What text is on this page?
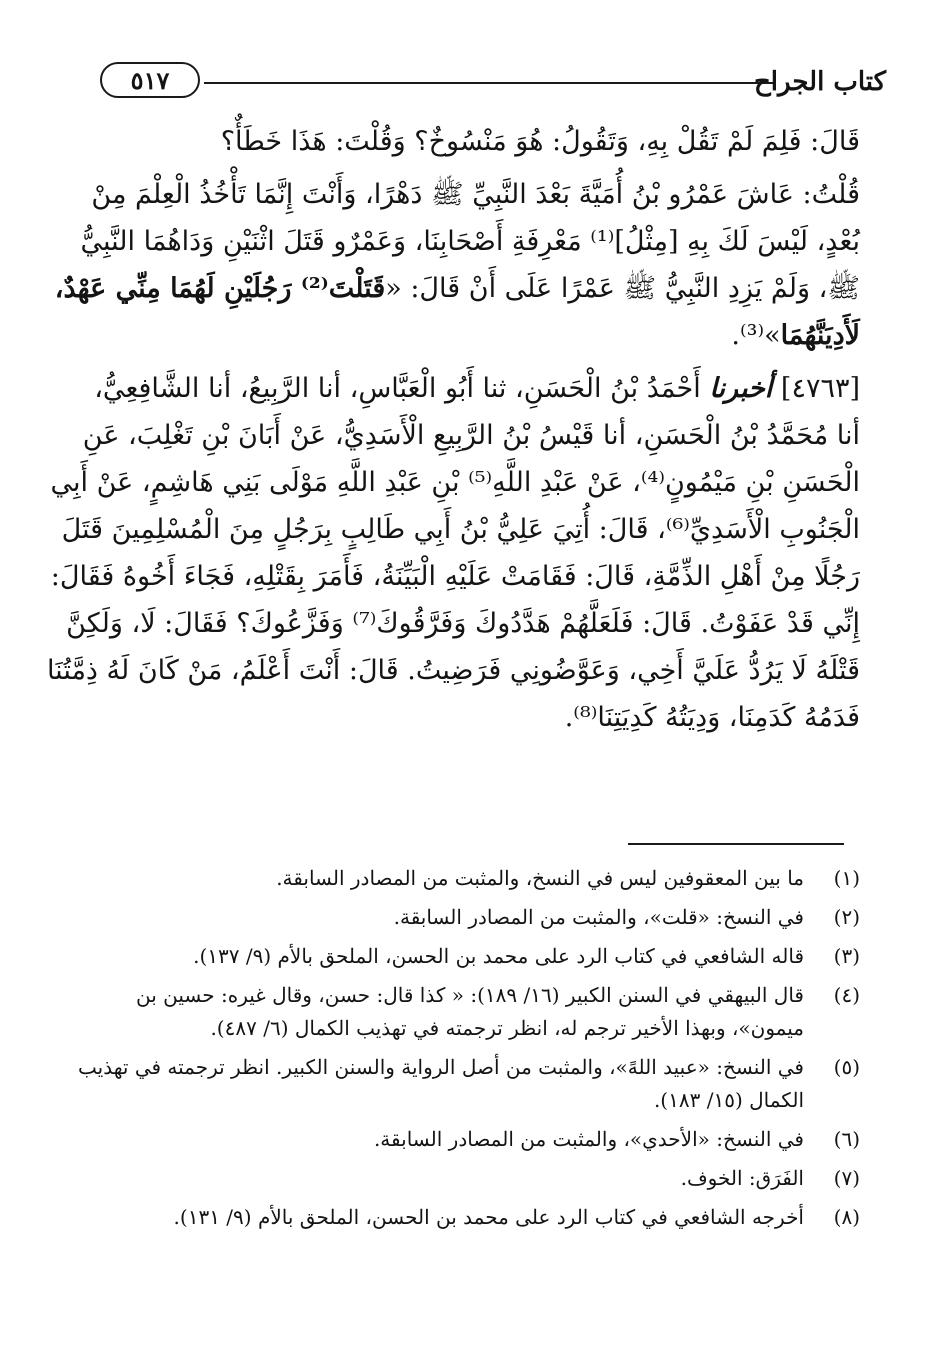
٥١٧	كتاب الجراح

قَالَ: فَلِمَ لَمْ تَقُلْ بِهِ، وَتَقُولُ: هُوَ مَنْسُوخٌ؟ وَقُلْتَ: هَذَا خَطَأٌ؟

قُلْتُ: عَاشَ عَمْرُو بْنُ أُمَيَّةَ بَعْدَ النَّبِيِّ ﷺ دَهْرًا، وَأَنْتَ إِنَّمَا تَأْخُذُ الْعِلْمَ مِنْ
بُعْدٍ، لَيْسَ لَكَ بِهِ [مِثْلُ]⁽¹⁾ مَعْرِفَةِ أَصْحَابِنَا، وَعَمْرٌو قَتَلَ اثْنَيْنِ وَدَاهُمَا النَّبِيُّ
ﷺ، وَلَمْ يَزِدِ النَّبِيُّ ﷺ عَمْرًا عَلَى أَنْ قَالَ: «قَتَلْتَ⁽²⁾ رَجُلَيْنِ لَهُمَا مِنِّي عَهْدٌ،
لَأَدِيَنَّهُمَا»⁽³⁾.

[٤٧٦٣] أخبرنا أَحْمَدُ بْنُ الْحَسَنِ، ثنا أَبُو الْعَبَّاسِ، أنا الرَّبِيعُ، أنا الشَّافِعِيُّ،
أنا مُحَمَّدُ بْنُ الْحَسَنِ، أنا قَيْسُ بْنُ الرَّبِيعِ الْأَسَدِيُّ، عَنْ أَبَانَ بْنِ تَغْلِبَ، عَنِ
الْحَسَنِ بْنِ مَيْمُونٍ⁽⁴⁾، عَنْ عَبْدِ اللَّهِ⁽⁵⁾ بْنِ عَبْدِ اللَّهِ مَوْلَى بَنِي هَاشِمٍ، عَنْ أَبِي
الْجَنُوبِ الْأَسَدِيِّ⁽⁶⁾، قَالَ: أُتِيَ عَلِيُّ بْنُ أَبِي طَالِبٍ بِرَجُلٍ مِنَ الْمُسْلِمِينَ قَتَلَ
رَجُلًا مِنْ أَهْلِ الذِّمَّةِ، قَالَ: فَقَامَتْ عَلَيْهِ الْبَيِّنَةُ، فَأَمَرَ بِقَتْلِهِ، فَجَاءَ أَخُوهُ فَقَالَ:
إِنِّي قَدْ عَفَوْتُ. قَالَ: فَلَعَلَّهُمْ هَدَّدُوكَ وَفَرَّقُوكَ⁽⁷⁾ وَفَزَّعُوكَ؟ فَقَالَ: لَا، وَلَكِنَّ
قَتْلَهُ لَا يَرُدُّ عَلَيَّ أَخِي، وَعَوَّضُونِي فَرَضِيتُ. قَالَ: أَنْتَ أَعْلَمُ، مَنْ كَانَ لَهُ ذِمَّتُنَا
فَدَمُهُ كَدَمِنَا، وَدِيَتُهُ كَدِيَتِنَا⁽⁸⁾.

(١)
ما بين المعقوفين ليس في النسخ، والمثبت من المصادر السابقة.
(٢)
في النسخ: «قلت»، والمثبت من المصادر السابقة.
(٣)
قاله الشافعي في كتاب الرد على محمد بن الحسن، الملحق بالأم (٩/ ١٣٧).
(٤)
قال البيهقي في السنن الكبير (١٦/ ١٨٩): « كذا قال: حسن، وقال غيره: حسين بن
ميمون»، وبهذا الأخير ترجم له، انظر ترجمته في تهذيب الكمال (٦/ ٤٨٧).
(٥)
في النسخ: «عبيد اللهً»، والمثبت من أصل الرواية والسنن الكبير. انظر ترجمته في تهذيب
الكمال (١٥/ ١٨٣).
(٦)
في النسخ: «الأحدي»، والمثبت من المصادر السابقة.
(٧)
الفَرَق: الخوف.
(٨)
أخرجه الشافعي في كتاب الرد على محمد بن الحسن، الملحق بالأم (٩/ ١٣١).
